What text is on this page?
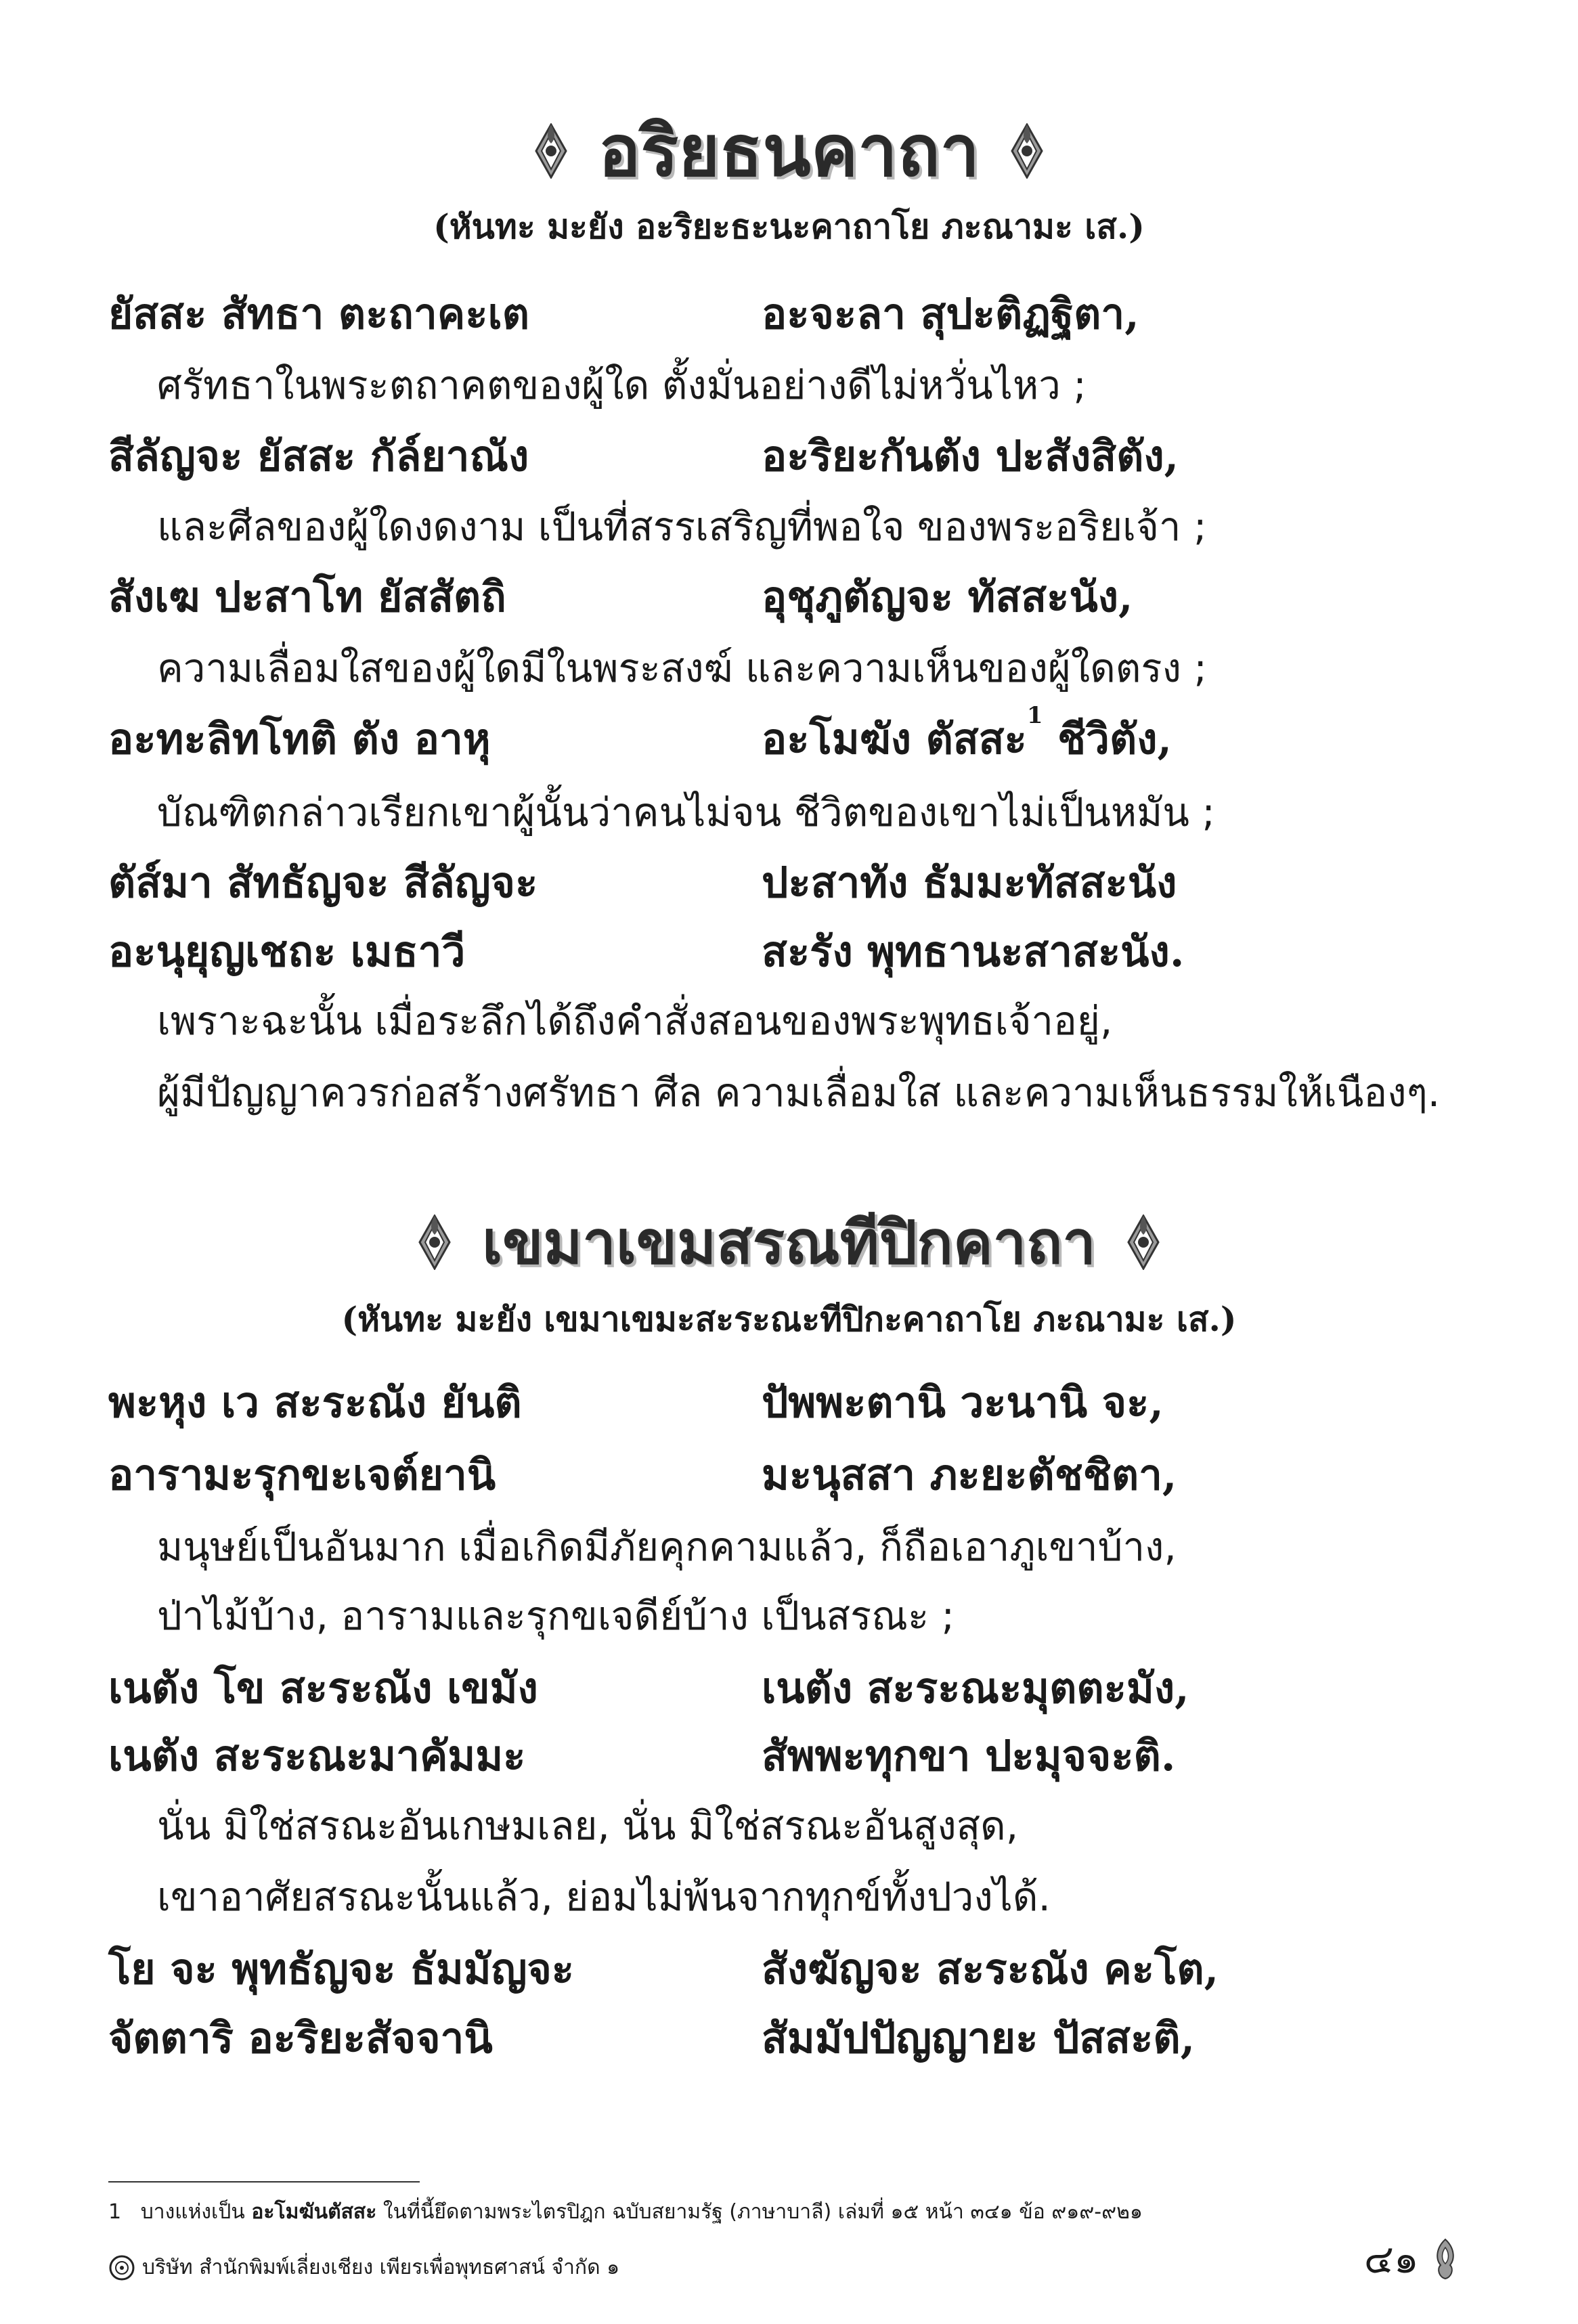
อริยธนคาถา
(หันทะ มะยัง อะริยะธะนะคาถาโย ภะณามะ เส.)
ยัสสะ สัทธา ตะถาคะเต	อะจะลา สุปะติฏฐิตา,
ศรัทธาในพระตถาคตของผู้ใด ตั้งมั่นอย่างดีไม่หวั่นไหว ;
สีลัญจะ ยัสสะ กัล์ยาณัง	อะริยะกันตัง ปะสังสิตัง,
และศีลของผู้ใดงดงาม เป็นที่สรรเสริญที่พอใจ ของพระอริยเจ้า ;
สังเฆ ปะสาโท ยัสสัตถิ	อุชุภูตัญจะ ทัสสะนัง,
ความเลื่อมใสของผู้ใดมีในพระสงฆ์ และความเห็นของผู้ใดตรง ;
อะทะลิทโทติ ตัง อาหุ	อะโมฆัง ตัสสะ$^1$ ชีวิตัง,
บัณฑิตกล่าวเรียกเขาผู้นั้นว่าคนไม่จน ชีวิตของเขาไม่เป็นหมัน ;
ตัส์มา สัทธัญจะ สีลัญจะ	ปะสาทัง ธัมมะทัสสะนัง
อะนุยุญเชถะ เมธาวี	สะรัง พุทธานะสาสะนัง.
เพราะฉะนั้น เมื่อระลึกได้ถึงคำสั่งสอนของพระพุทธเจ้าอยู่,
ผู้มีปัญญาควรก่อสร้างศรัทธา ศีล ความเลื่อมใส และความเห็นธรรมให้เนืองๆ.
เขมาเขมสรณทีปิกคาถา
(หันทะ มะยัง เขมาเขมะสะระณะทีปิกะคาถาโย ภะณามะ เส.)
พะหุง เว สะระณัง ยันติ	ปัพพะตานิ วะนานิ จะ,
อารามะรุกขะเจต์ยานิ	มะนุสสา ภะยะตัชชิตา,
มนุษย์เป็นอันมาก เมื่อเกิดมีภัยคุกคามแล้ว, ก็ถือเอาภูเขาบ้าง,
ป่าไม้บ้าง, อารามและรุกขเจดีย์บ้าง เป็นสรณะ ;
เนตัง โข สะระณัง เขมัง	เนตัง สะระณะมุตตะมัง,
เนตัง สะระณะมาคัมมะ	สัพพะทุกขา ปะมุจจะติ.
นั่น มิใช่สรณะอันเกษมเลย, นั่น มิใช่สรณะอันสูงสุด,
เขาอาศัยสรณะนั้นแล้ว, ย่อมไม่พ้นจากทุกข์ทั้งปวงได้.
โย จะ พุทธัญจะ ธัมมัญจะ	สังฆัญจะ สะระณัง คะโต,
จัตตาริ อะริยะสัจจานิ	สัมมัปปัญญายะ ปัสสะติ,
1 บางแห่งเป็น อะโมฆันตัสสะ ในที่นี้ยึดตามพระไตรปิฎก ฉบับสยามรัฐ (ภาษาบาลี) เล่มที่ ๑๕ หน้า ๓๔๑ ข้อ ๙๑๙-๙๒๑
บริษัท สำนักพิมพ์เลี่ยงเชียง เพียรเพื่อพุทธศาสน์ จำกัด ๑	๔๑
